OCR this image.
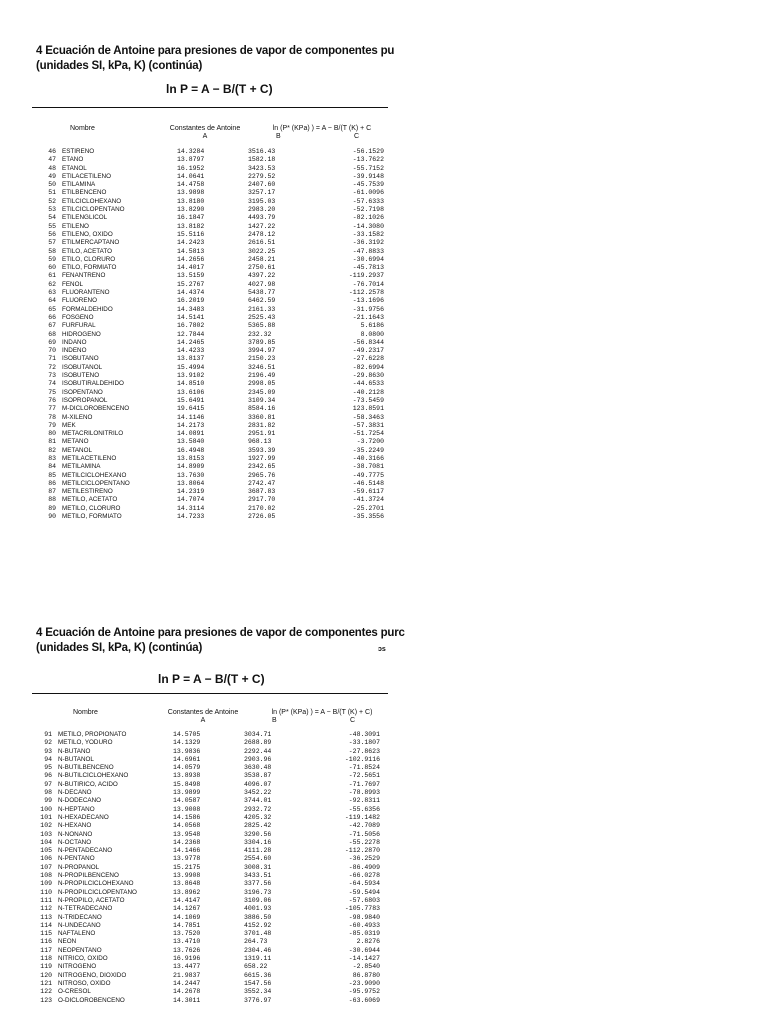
4 Ecuación de Antoine para presiones de vapor de componentes pu
(unidades SI, kPa, K) (continúa)
ln P = A − B/(T + C)
Nombre	Constantes de Antoine
A
ln (P* (KPa) ) = A − B/(T (K) + C
B	C
46 ESTIRENO	14.3284	3516.43	-56.1529
47 ETANO	13.8797	1582.18	-13.7622
48 ETANOL	16.1952	3423.53	-55.7152
49 ETILACETILENO	14.0641	2279.52	-39.9148
50 ETILAMINA	14.4758	2407.60	-45.7539
51 ETILBENCENO	13.9898	3257.17	-61.0096
52 ETILCICLOHEXANO	13.8180	3195.03	-57.6333
53 ETILCICLOPENTANO	13.8290	2983.20	-52.7198
54 ETILENGLICOL	16.1847	4493.79	-82.1026
55 ETILENO	13.8182	1427.22	-14.3080
56 ETILENO, OXIDO	15.5116	2478.12	-33.1582
57 ETILMERCAPTANO	14.2423	2616.51	-36.3192
58 ETILO, ACETATO	14.5813	3022.25	-47.8833
59 ETILO, CLORURO	14.2656	2458.21	-30.6994
60 ETILO, FORMIATO	14.4017	2750.61	-45.7813
61 FENANTRENO	13.5159	4397.22	-119.2937
62 FENOL	15.2767	4027.98	-76.7014
63 FLUORANTENO	14.4374	5438.77	-112.2578
64 FLUORENO	16.2019	6462.59	-13.1696
65 FORMALDEHIDO	14.3483	2161.33	-31.9756
66 FOSGENO	14.5141	2525.43	-21.1643
67 FURFURAL	16.7802	5365.88	5.6186
68 HIDROGENO	12.7844	232.32	8.0800
69 INDANO	14.2465	3789.85	-56.8344
70 INDENO	14.4233	3994.97	-49.2317
71 ISOBUTANO	13.8137	2150.23	-27.6228
72 ISOBUTANOL	15.4994	3246.51	-82.6994
73 ISOBUTENO	13.9102	2196.49	-29.8630
74 ISOBUTIRALDEHIDO	14.8510	2998.05	-44.6533
75 ISOPENTANO	13.6106	2345.09	-40.2128
76 ISOPROPANOL	15.6491	3109.34	-73.5459
77 M-DICLOROBENCENO	19.6415	8584.16	123.8591
78 M-XILENO	14.1146	3360.81	-58.3463
79 MEK	14.2173	2831.82	-57.3831
80 METACRILONITRILO	14.0891	2951.91	-51.7254
81 METANO	13.5840	968.13	-3.7200
82 METANOL	16.4948	3593.39	-35.2249
83 METILACETILENO	13.8153	1927.99	-40.3166
84 METILAMINA	14.8909	2342.65	-38.7081
85 METILCICLOHEXANO	13.7630	2965.76	-49.7775
86 METILCICLOPENTANO	13.8064	2742.47	-46.5148
87 METILESTIRENO	14.2319	3687.83	-59.6117
88 METILO, ACETATO	14.7074	2917.70	-41.3724
89 METILO, CLORURO	14.3114	2170.02	-25.2701
90 METILO, FORMIATO	14.7233	2726.05	-35.3556
4 Ecuación de Antoine para presiones de vapor de componentes purc
(unidades SI, kPa, K) (continúa)	ɔs
ln P = A − B/(T + C)
Nombre	Constantes de Antoine
A
ln (P* (KPa) ) = A − B/(T (K) + C)
B	C
91 METILO, PROPIONATO	14.5705	3034.71	-48.3091
92 METILO, YODURO	14.1329	2688.89	-33.1807
93 N-BUTANO	13.9836	2292.44	-27.8623
94 N-BUTANOL	14.6961	2903.96	-102.9116
95 N-BUTILBENCENO	14.0579	3630.48	-71.8524
96 N-BUTILCICLOHEXANO	13.8938	3538.87	-72.5651
97 N-BUTIRICO, ACIDO	15.8498	4096.07	-71.7697
98 N-DECANO	13.9899	3452.22	-78.8993
99 N-DODECANO	14.0587	3744.01	-92.8311
100 N-HEPTANO	13.9008	2932.72	-55.6356
101 N-HEXADECANO	14.1586	4205.32	-119.1482
102 N-HEXANO	14.0568	2825.42	-42.7089
103 N-NONANO	13.9548	3290.56	-71.5056
104 N-OCTANO	14.2368	3304.16	-55.2278
105 N-PENTADECANO	14.1466	4111.28	-112.2870
106 N-PENTANO	13.9778	2554.60	-36.2529
107 N-PROPANOL	15.2175	3008.31	-86.4909
108 N-PROPILBENCENO	13.9908	3433.51	-66.0278
109 N-PROPILCICLOHEXANO	13.8648	3377.56	-64.5934
110 N-PROPILCICLOPENTANO	13.8962	3196.73	-59.5494
111 N-PROPILO, ACETATO	14.4147	3109.06	-57.6803
112 N-TETRADECANO	14.1267	4001.93	-105.7783
113 N-TRIDECANO	14.1069	3886.50	-98.9840
114 N-UNDECANO	14.7851	4152.92	-60.4933
115 NAFTALENO	13.7520	3701.48	-85.0319
116 NEON	13.4710	264.73	2.8276
117 NEOPENTANO	13.7626	2304.46	-30.6944
118 NITRICO, OXIDO	16.9196	1319.11	-14.1427
119 NITROGENO	13.4477	658.22	-2.8540
120 NITROGENO, DIOXIDO	21.9837	6615.36	86.8780
121 NITROSO, OXIDO	14.2447	1547.56	-23.9090
122 O-CRESOL	14.2678	3552.34	-95.9752
123 O-DICLOROBENCENO	14.3011	3776.97	-63.6069
